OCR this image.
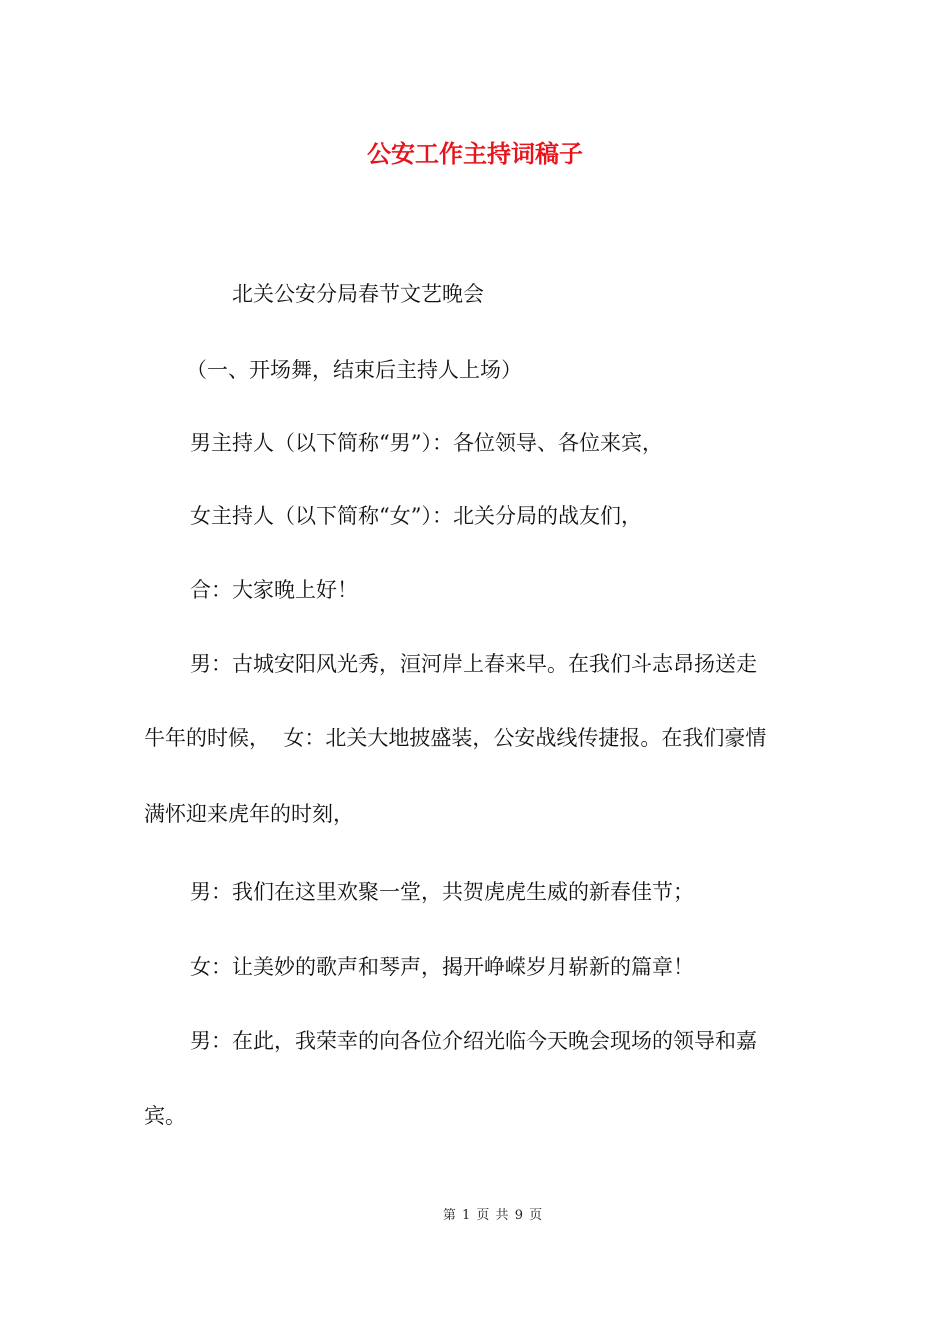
公安工作主持词稿子
北关公安分局春节文艺晚会
（一、开场舞，结束后主持人上场）
男主持人（以下简称“男”）：各位领导、各位来宾，
女主持人（以下简称“女”）：北关分局的战友们，
合：大家晚上好！
男：古城安阳风光秀，洹河岸上春来早。在我们斗志昂扬送走
牛年的时候，  女：北关大地披盛装，公安战线传捷报。在我们豪情
满怀迎来虎年的时刻，
男：我们在这里欢聚一堂，共贺虎虎生威的新春佳节；
女：让美妙的歌声和琴声，揭开峥嵘岁月崭新的篇章！
男：在此，我荣幸的向各位介绍光临今天晚会现场的领导和嘉
宾。
第 1 页 共 9 页
